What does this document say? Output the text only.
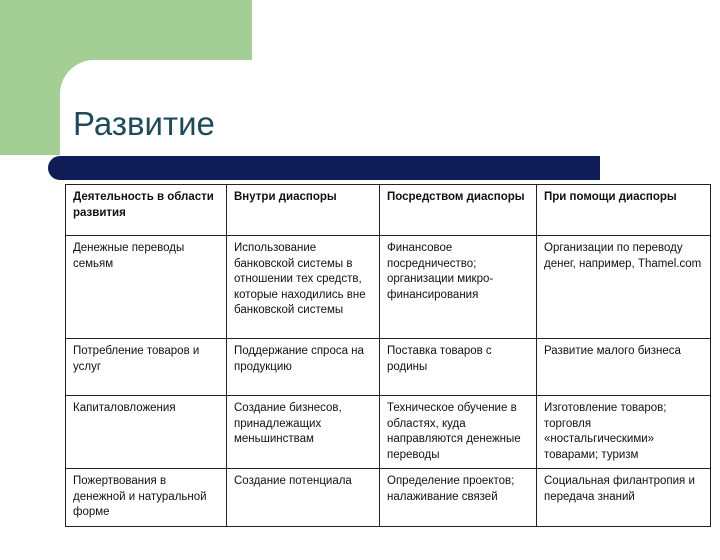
Развитие
Деятельность в области развития	Внутри диаспоры	Посредством диаспоры	При помощи диаспоры
Денежные переводы семьям	Использование банковской системы в отношении тех средств, которые находились вне банковской системы	Финансовое посредничество; организации микро-финансирования	Организации по переводу денег, например, Thamel.com
Потребление товаров и услуг	Поддержание спроса на продукцию	Поставка товаров с родины	Развитие малого бизнеса
Капиталовложения	Создание бизнесов, принадлежащих меньшинствам	Техническое обучение в областях, куда направляются денежные переводы	Изготовление товаров; торговля «ностальгическими» товарами; туризм
Пожертвования в денежной и натуральной форме	Создание потенциала	Определение проектов; налаживание связей	Социальная филантропия и передача знаний
